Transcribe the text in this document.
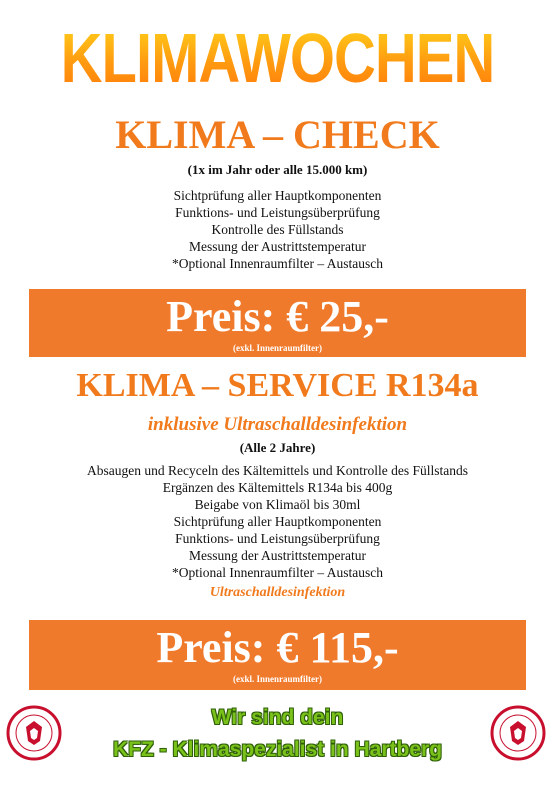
KLIMAWOCHEN
KLIMA – CHECK
(1x im Jahr oder alle 15.000 km)
Sichtprüfung aller Hauptkomponenten
Funktions- und Leistungsüberprüfung
Kontrolle des Füllstands
Messung der Austrittstemperatur
*Optional Innenraumfilter – Austausch
Preis: € 25,-
(exkl. Innenraumfilter)
KLIMA – SERVICE R134a
inklusive Ultraschalldesinfektion
(Alle 2 Jahre)
Absaugen und Recyceln des Kältemittels und Kontrolle des Füllstands
Ergänzen des Kältemittels R134a bis 400g
Beigabe von Klimaöl bis 30ml
Sichtprüfung aller Hauptkomponenten
Funktions- und Leistungsüberprüfung
Messung der Austrittstemperatur
*Optional Innenraumfilter – Austausch
Ultraschalldesinfektion
Preis: € 115,-
(exkl. Innenraumfilter)
Wir sind dein
KFZ - Klimaspezialist in Hartberg
